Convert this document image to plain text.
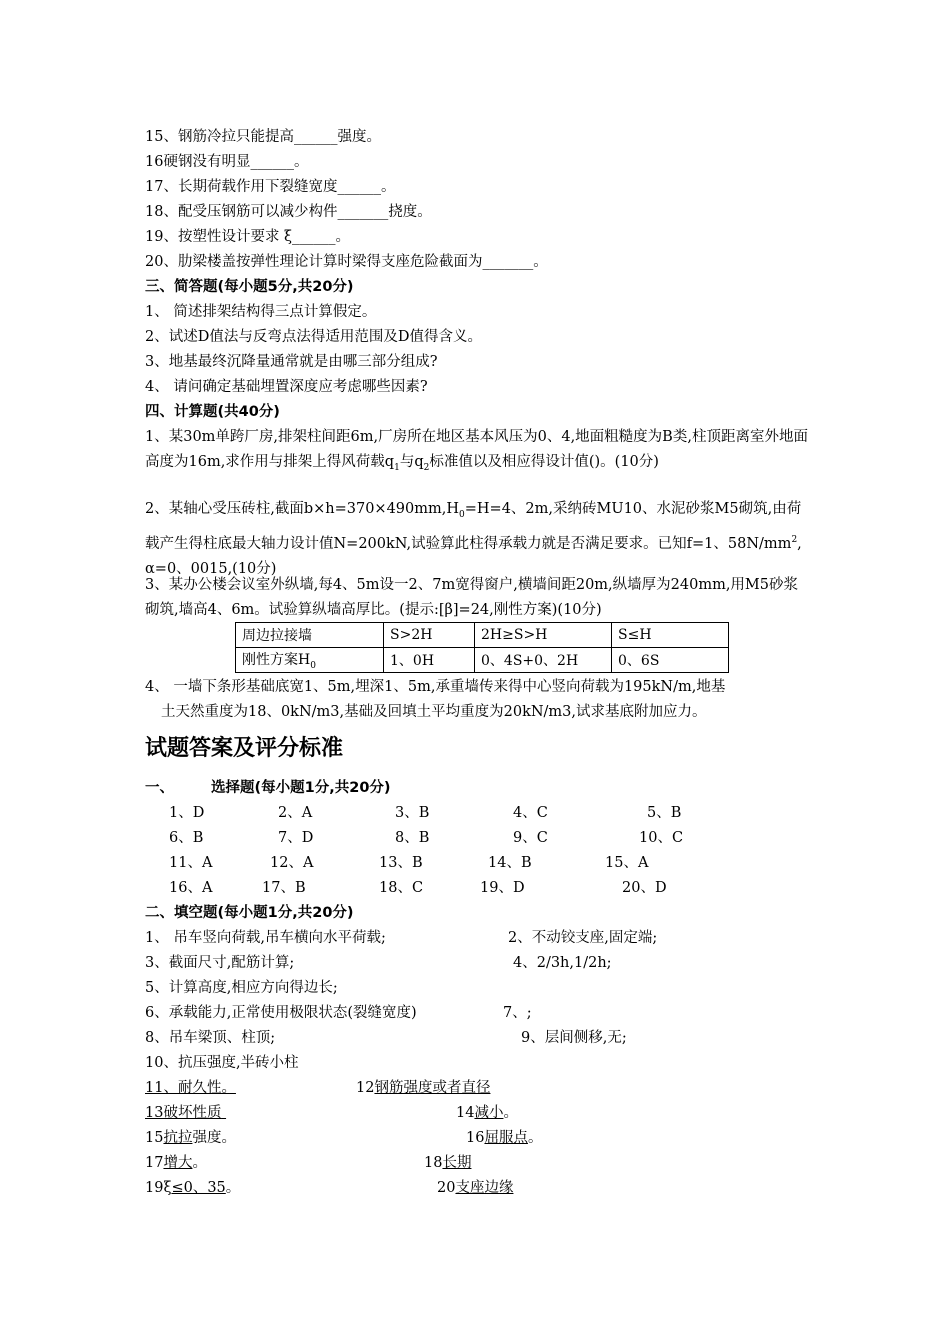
15、钢筋冷拉只能提高______强度。
16硬钢没有明显______。
17、长期荷载作用下裂缝宽度______。
18、配受压钢筋可以减少构件_______挠度。
19、按塑性设计要求 ξ______。
20、肋梁楼盖按弹性理论计算时梁得支座危险截面为_______。
三、简答题(每小题5分,共20分)
1、 简述排架结构得三点计算假定。
2、试述D值法与反弯点法得适用范围及D值得含义。
3、地基最终沉降量通常就是由哪三部分组成?
4、 请问确定基础埋置深度应考虑哪些因素?
四、计算题(共40分)
1、某30m单跨厂房,排架柱间距6m,厂房所在地区基本风压为0、4,地面粗糙度为B类,柱顶距离室外地面高度为16m,求作用与排架上得风荷载$q_1$与$q_2$标准值以及相应得设计值()。(10分)
2、某轴心受压砖柱,截面$b\times h=370\times 490mm,H_0=H=4$、2m,采纳砖MU10、水泥砂浆M5砌筑,由荷载产生得柱底最大轴力设计值N=200kN,试验算此柱得承载力就是否满足要求。已知f=1、$58N/mm^2$, α=0、0015,(10分)
3、某办公楼会议室外纵墙,每4、5m设一2、7m宽得窗户,横墙间距20m,纵墙厚为240mm,用M5砂浆砌筑,墙高4、6m。试验算纵墙高厚比。(提示:[β]=24,刚性方案)(10分)
周边拉接墙	S>2H	2H≥S>H	S≤H
刚性方案$H_0$	1、0H	0、4S+0、2H	0、6S
4、 一墙下条形基础底宽1、5m,埋深1、5m,承重墙传来得中心竖向荷载为195kN/m,地基
土天然重度为18、0kN/m3,基础及回填土平均重度为20kN/m3,试求基底附加应力。
试题答案及评分标准
一、	选择题(每小题1分,共20分)
1、D	2、A	3、B	4、C	5、B
6、B	7、D	8、B	9、C	10、C
11、A	12、A	13、B	14、B	15、A
16、A	17、B	18、C	19、D	20、D
二、填空题(每小题1分,共20分)
1、 吊车竖向荷载,吊车横向水平荷载;	2、不动铰支座,固定端;
3、截面尺寸,配筋计算;	4、2/3h,1/2h;
5、计算高度,相应方向得边长;
6、承载能力,正常使用极限状态(裂缝宽度)	7、;
8、吊车梁顶、柱顶;	9、层间侧移,无;
10、抗压强度,半砖小柱
11、耐久性。	12钢筋强度或者直径
13破坏性质	14减小。
15抗拉强度。	16屈服点。
17增大。	18长期
19ξ≤0、35。	20支座边缘
